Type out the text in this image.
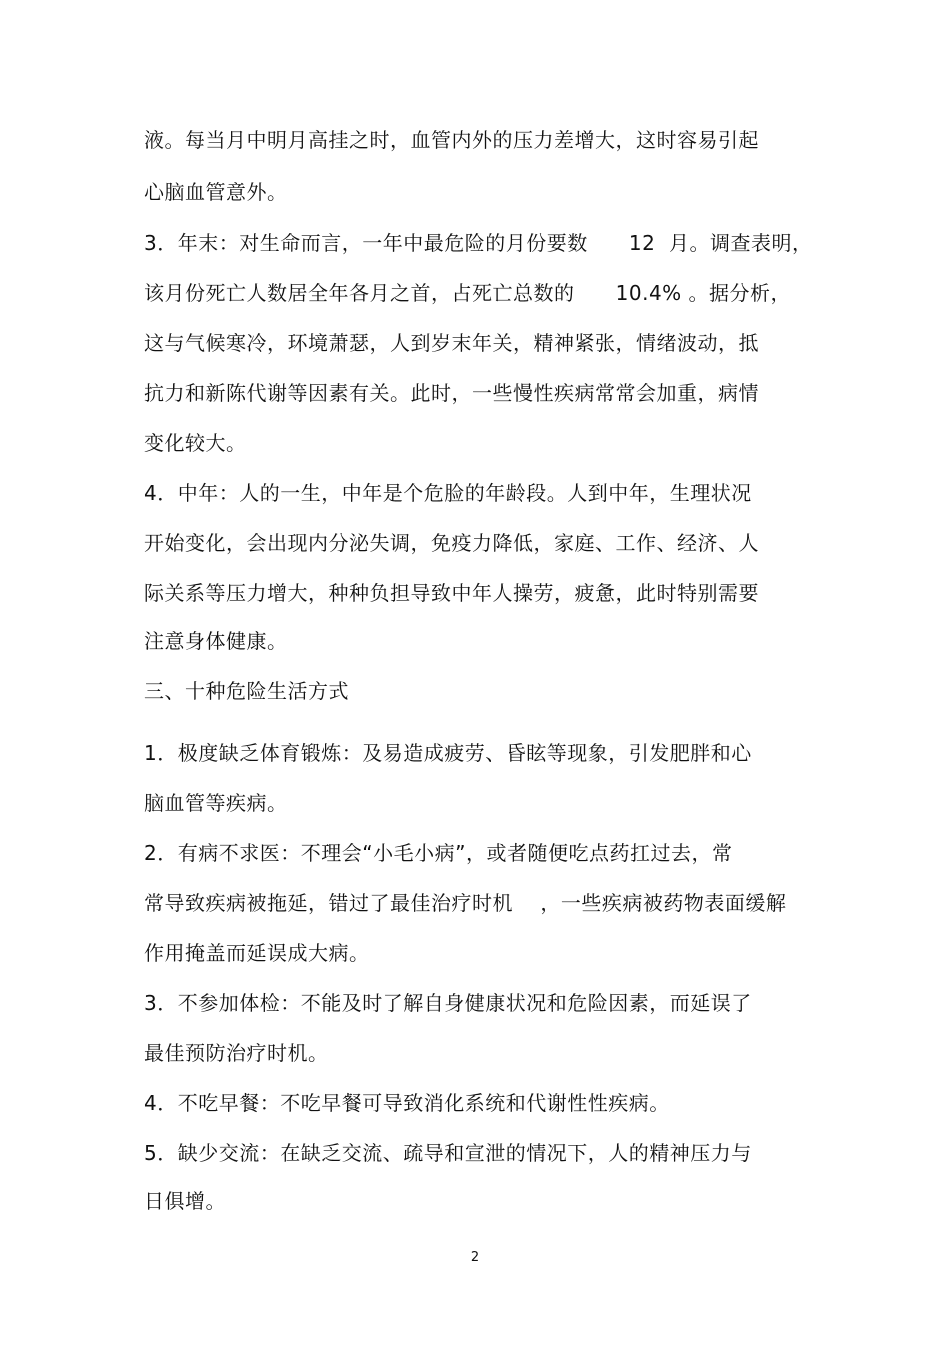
液。每当月中明月高挂之时，血管内外的压力差增大，这时容易引起
心脑血管意外。
3．年末：对生命而言，一年中最危险的月份要数      12  月。调查表明，
该月份死亡人数居全年各月之首，占死亡总数的      10.4% 。据分析，
这与气候寒冷，环境萧瑟，人到岁末年关，精神紧张，情绪波动，抵
抗力和新陈代谢等因素有关。此时，一些慢性疾病常常会加重，病情
变化较大。
4．中年：人的一生，中年是个危脸的年龄段。人到中年，生理状况
开始变化，会出现内分泌失调，免疫力降低，家庭、工作、经济、人
际关系等压力增大，种种负担导致中年人操劳，疲惫，此时特别需要
注意身体健康。
三、十种危险生活方式
1．极度缺乏体育锻炼：及易造成疲劳、昏眩等现象，引发肥胖和心
脑血管等疾病。
2．有病不求医：不理会“小毛小病”，或者随便吃点药扛过去，常
常导致疾病被拖延，错过了最佳治疗时机    ，一些疾病被药物表面缓解
作用掩盖而延误成大病。
3．不参加体检：不能及时了解自身健康状况和危险因素，而延误了
最佳预防治疗时机。
4．不吃早餐：不吃早餐可导致消化系统和代谢性性疾病。
5．缺少交流：在缺乏交流、疏导和宣泄的情况下，人的精神压力与
日俱增。
2
